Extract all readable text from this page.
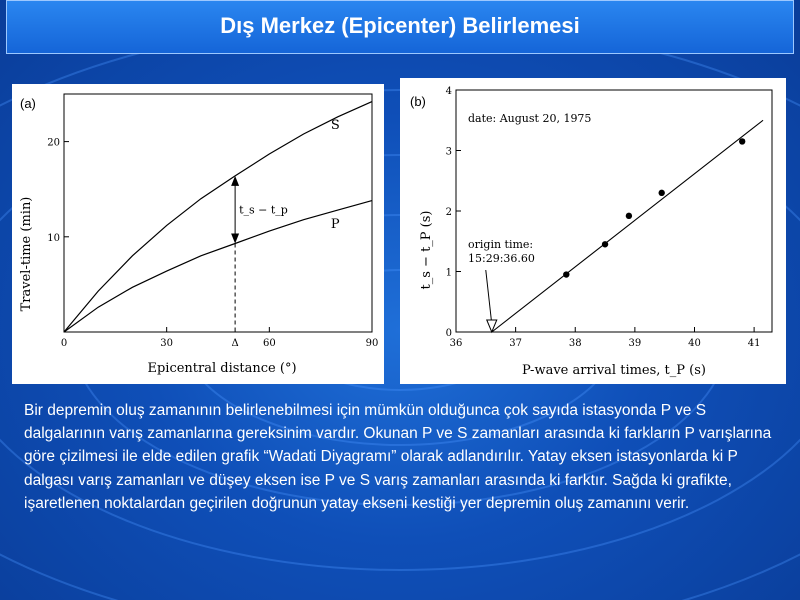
Dış Merkez (Epicenter) Belirlemesi
(a)
0	30	60	90
10
20
S
P
t_s − t_p
Δ
Epicentral distance (°)
Travel-time (min)
(b)
36	37	38	39	40	41
0
1
2
3
4
date: August 20, 1975
origin time:
15:29:36.60
P-wave arrival times, t_P (s)
t_s − t_P (s)
Bir depremin oluş zamanının belirlenebilmesi için mümkün olduğunca çok sayıda istasyonda P ve S dalgalarının varış zamanlarına gereksinim vardır. Okunan P ve S zamanları arasında ki farkların P varışlarına göre çizilmesi ile elde edilen grafik “Wadati Diyagramı” olarak adlandırılır. Yatay eksen istasyonlarda ki P dalgası varış zamanları ve düşey eksen ise P ve S varış zamanları arasında ki farktır. Sağda ki grafikte, işaretlenen noktalardan geçirilen doğrunun yatay ekseni kestiği yer depremin oluş zamanını verir.
